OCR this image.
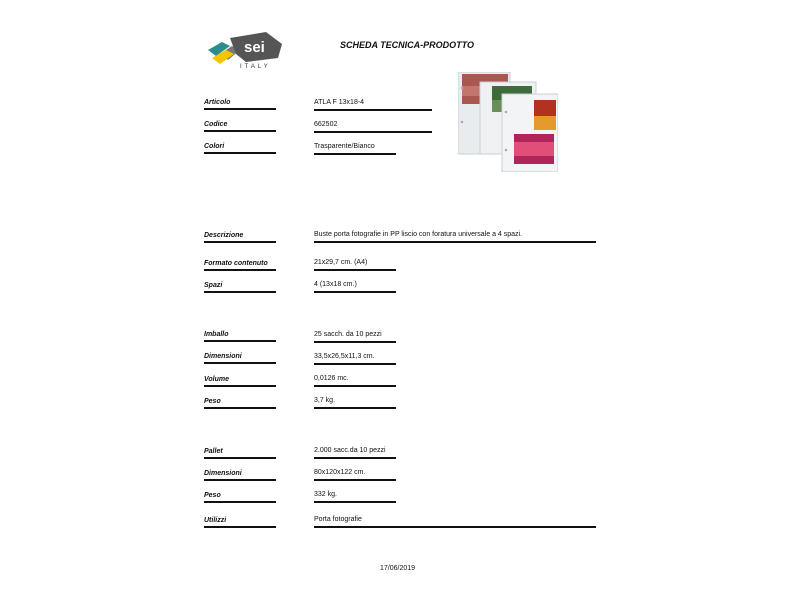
sei
ITALY
SCHEDA TECNICA-PRODOTTO
Articolo	ATLA F 13x18-4
Codice	662502
Colori	Trasparente/Bianco
Descrizione	Buste porta fotografie in PP liscio con foratura universale a 4 spazi.
Formato contenuto	21x29,7 cm. (A4)
Spazi	4 (13x18 cm.)
Imballo	25 sacch. da 10 pezzi
Dimensioni	33,5x26,5x11,3 cm.
Volume	0,0126 mc.
Peso	3,7 kg.
Pallet	2.000 sacc.da 10 pezzi
Dimensioni	80x120x122 cm.
Peso	332 kg.
Utilizzi	Porta fotografie
17/06/2019
